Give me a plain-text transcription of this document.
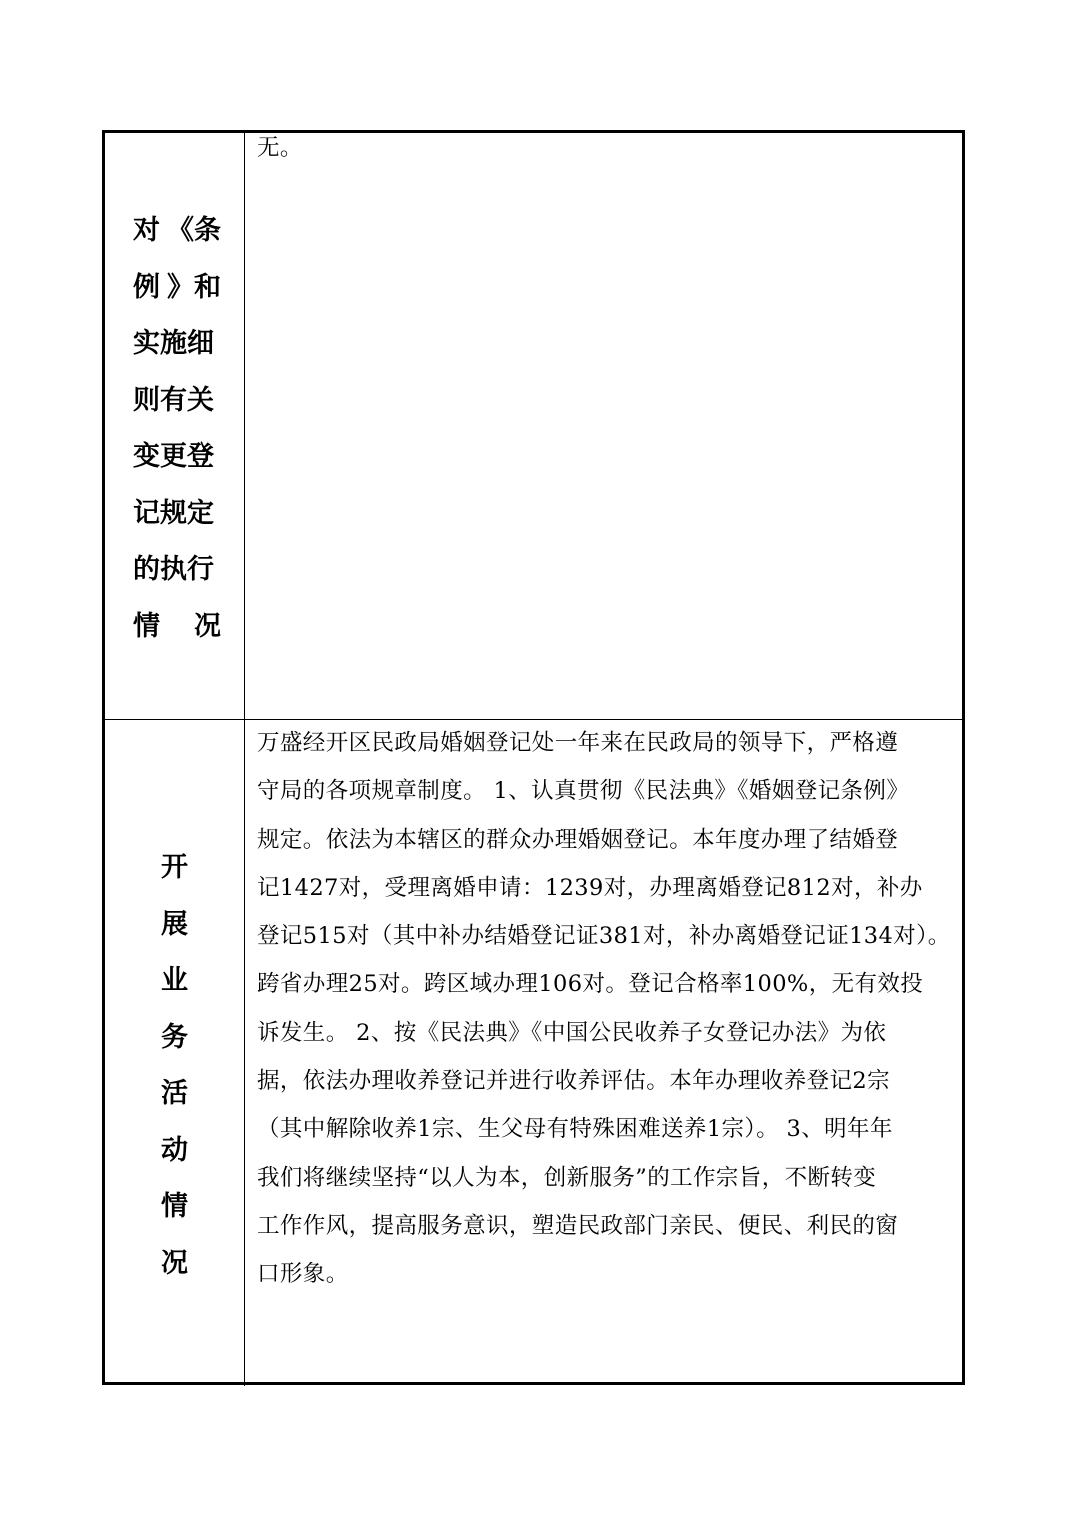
对 《条
例 》和
实施细
则有关
变更登
记规定
的执行
情 况
无。
开
展
业
务
活
动
情
况
万盛经开区民政局婚姻登记处一年来在民政局的领导下，严格遵
守局的各项规章制度。 1、认真贯彻《民法典》《婚姻登记条例》
规定。依法为本辖区的群众办理婚姻登记。本年度办理了结婚登
记1427对，受理离婚申请：1239对，办理离婚登记812对，补办
登记515对（其中补办结婚登记证381对，补办离婚登记证134对）。
跨省办理25对。跨区域办理106对。登记合格率100%，无有效投
诉发生。 2、按《民法典》《中国公民收养子女登记办法》为依
据，依法办理收养登记并进行收养评估。本年办理收养登记2宗
（其中解除收养1宗、生父母有特殊困难送养1宗）。 3、明年年
我们将继续坚持“以人为本，创新服务”的工作宗旨，不断转变
工作作风，提高服务意识，塑造民政部门亲民、便民、利民的窗
口形象。
